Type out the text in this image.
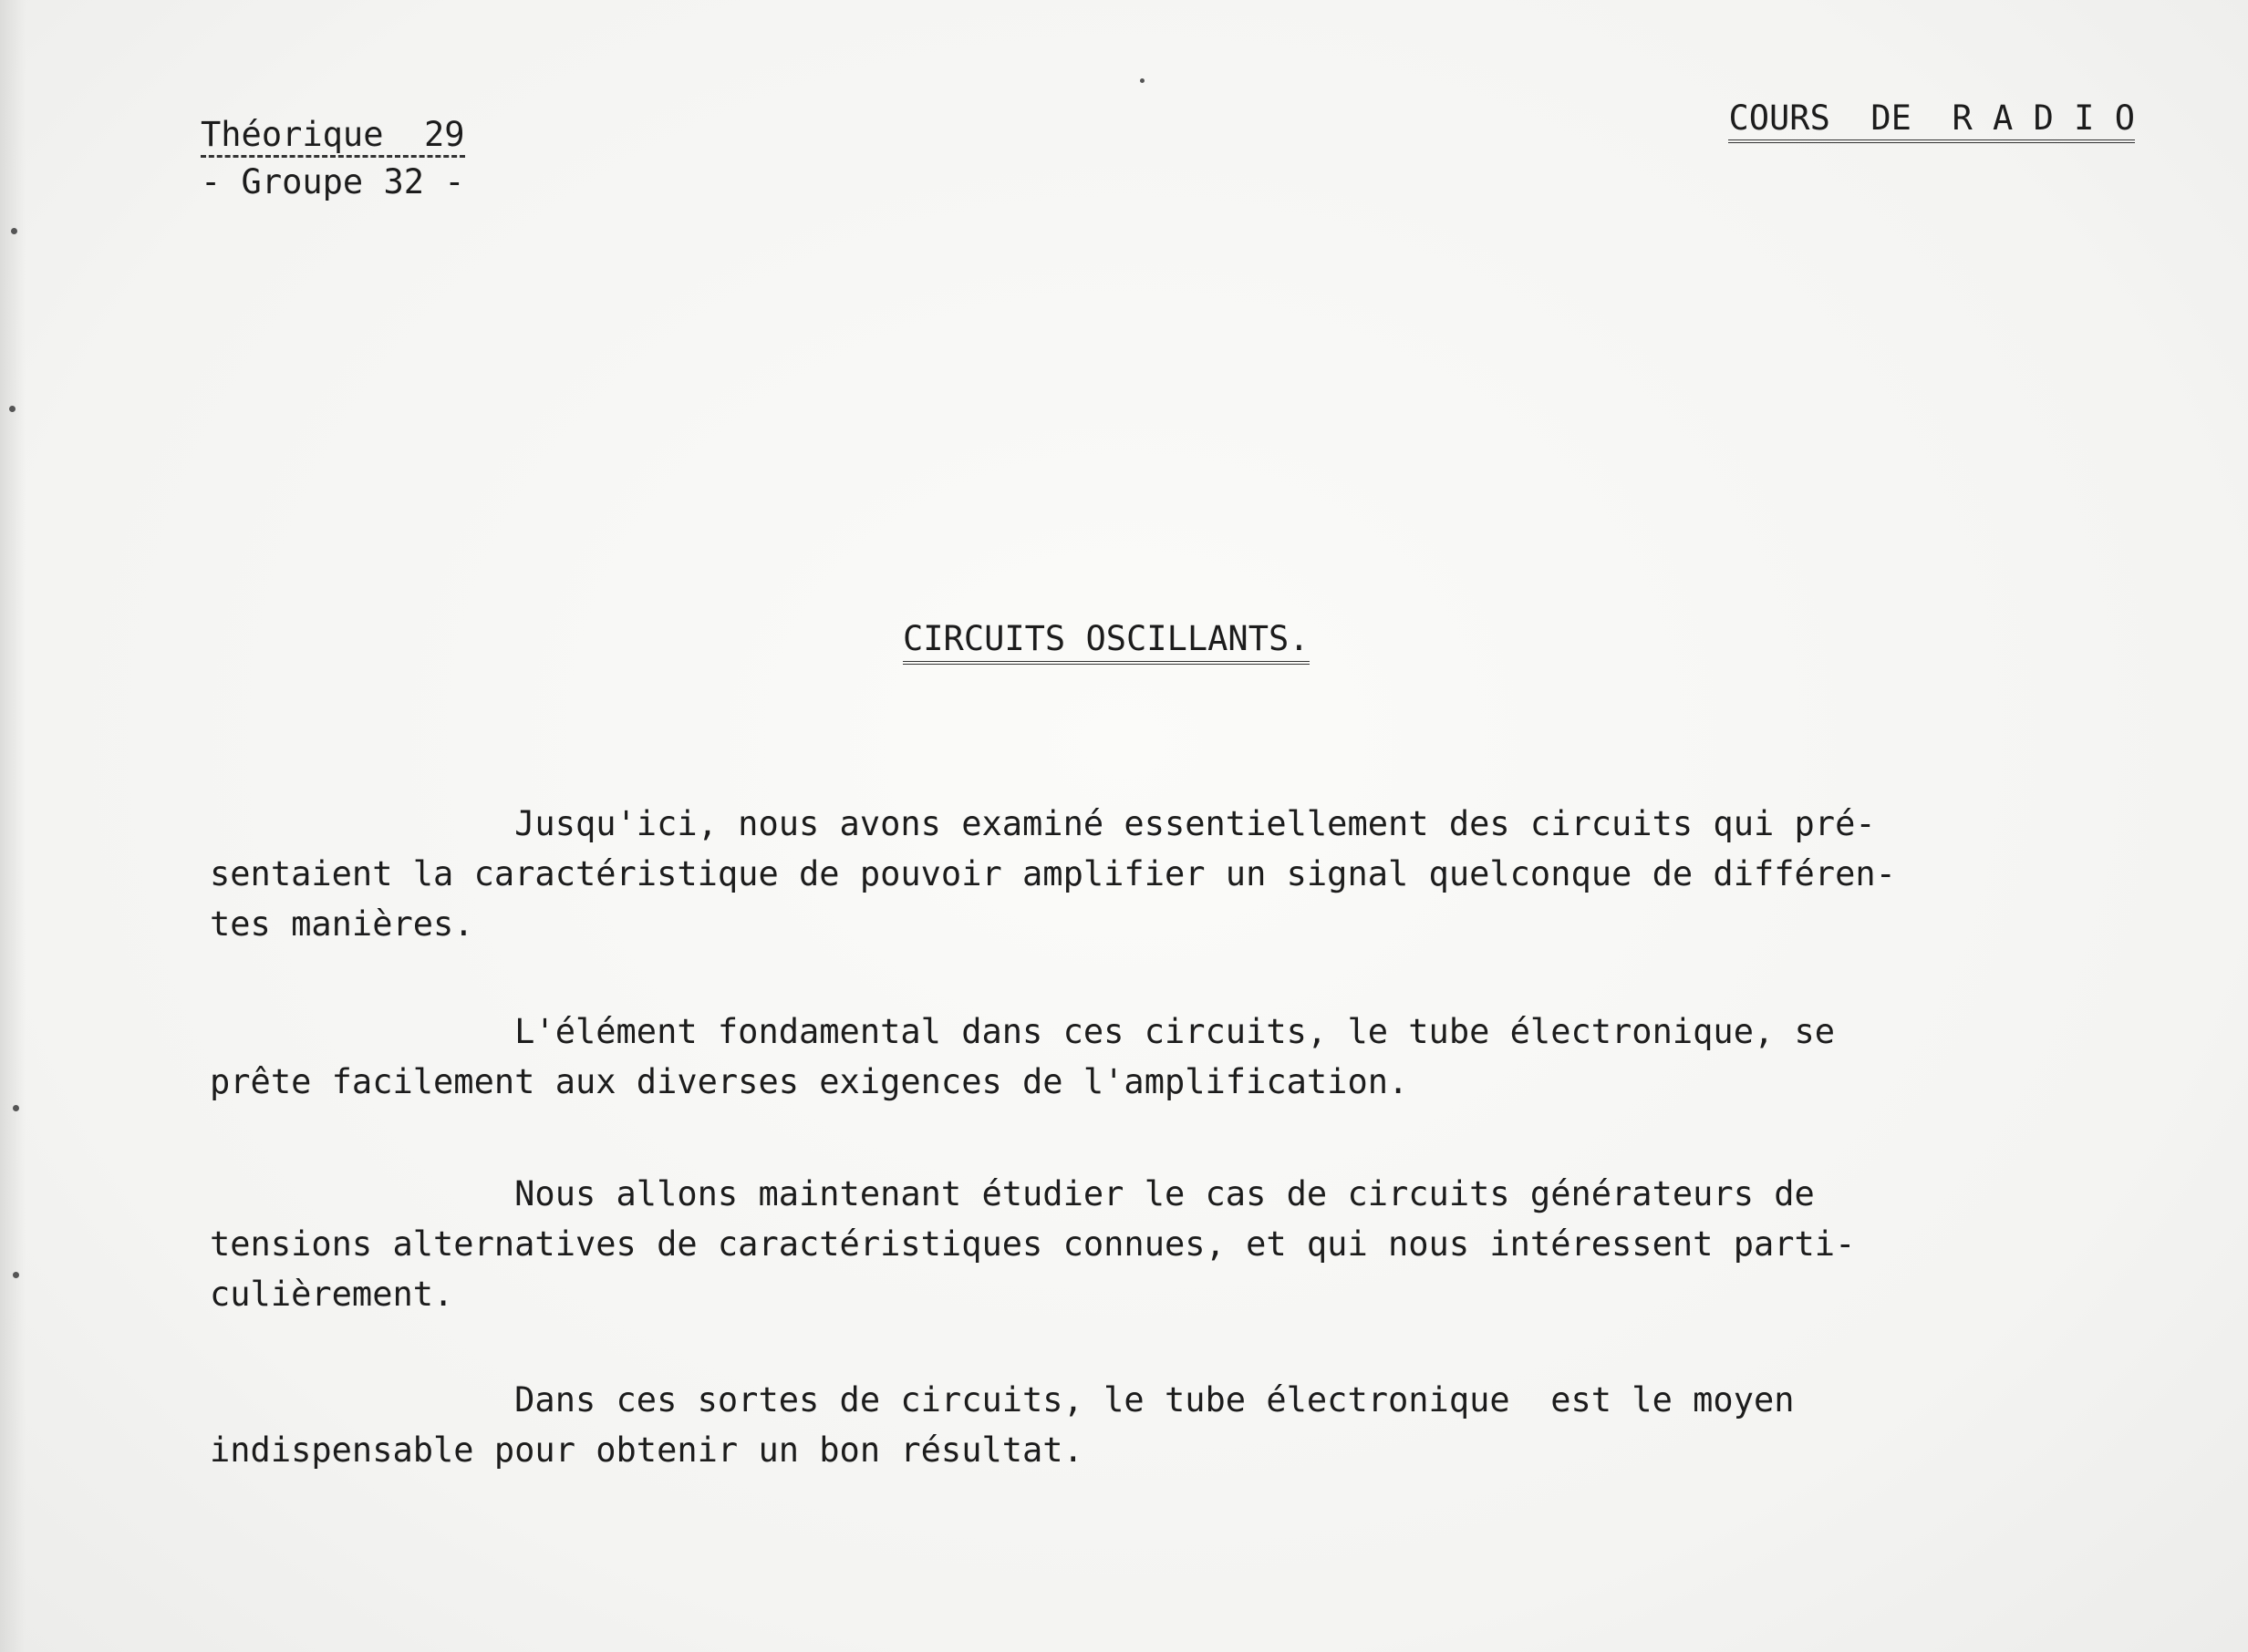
Théorique  29
- Groupe 32 -
COURS  DE  R A D I O
CIRCUITS OSCILLANTS.
Jusqu'ici, nous avons examiné essentiellement des circuits qui pré-
sentaient la caractéristique de pouvoir amplifier un signal quelconque de différen-
tes manières.
L'élément fondamental dans ces circuits, le tube électronique, se
prête facilement aux diverses exigences de l'amplification.
Nous allons maintenant étudier le cas de circuits générateurs de
tensions alternatives de caractéristiques connues, et qui nous intéressent parti-
culièrement.
Dans ces sortes de circuits, le tube électronique  est le moyen
indispensable pour obtenir un bon résultat.
